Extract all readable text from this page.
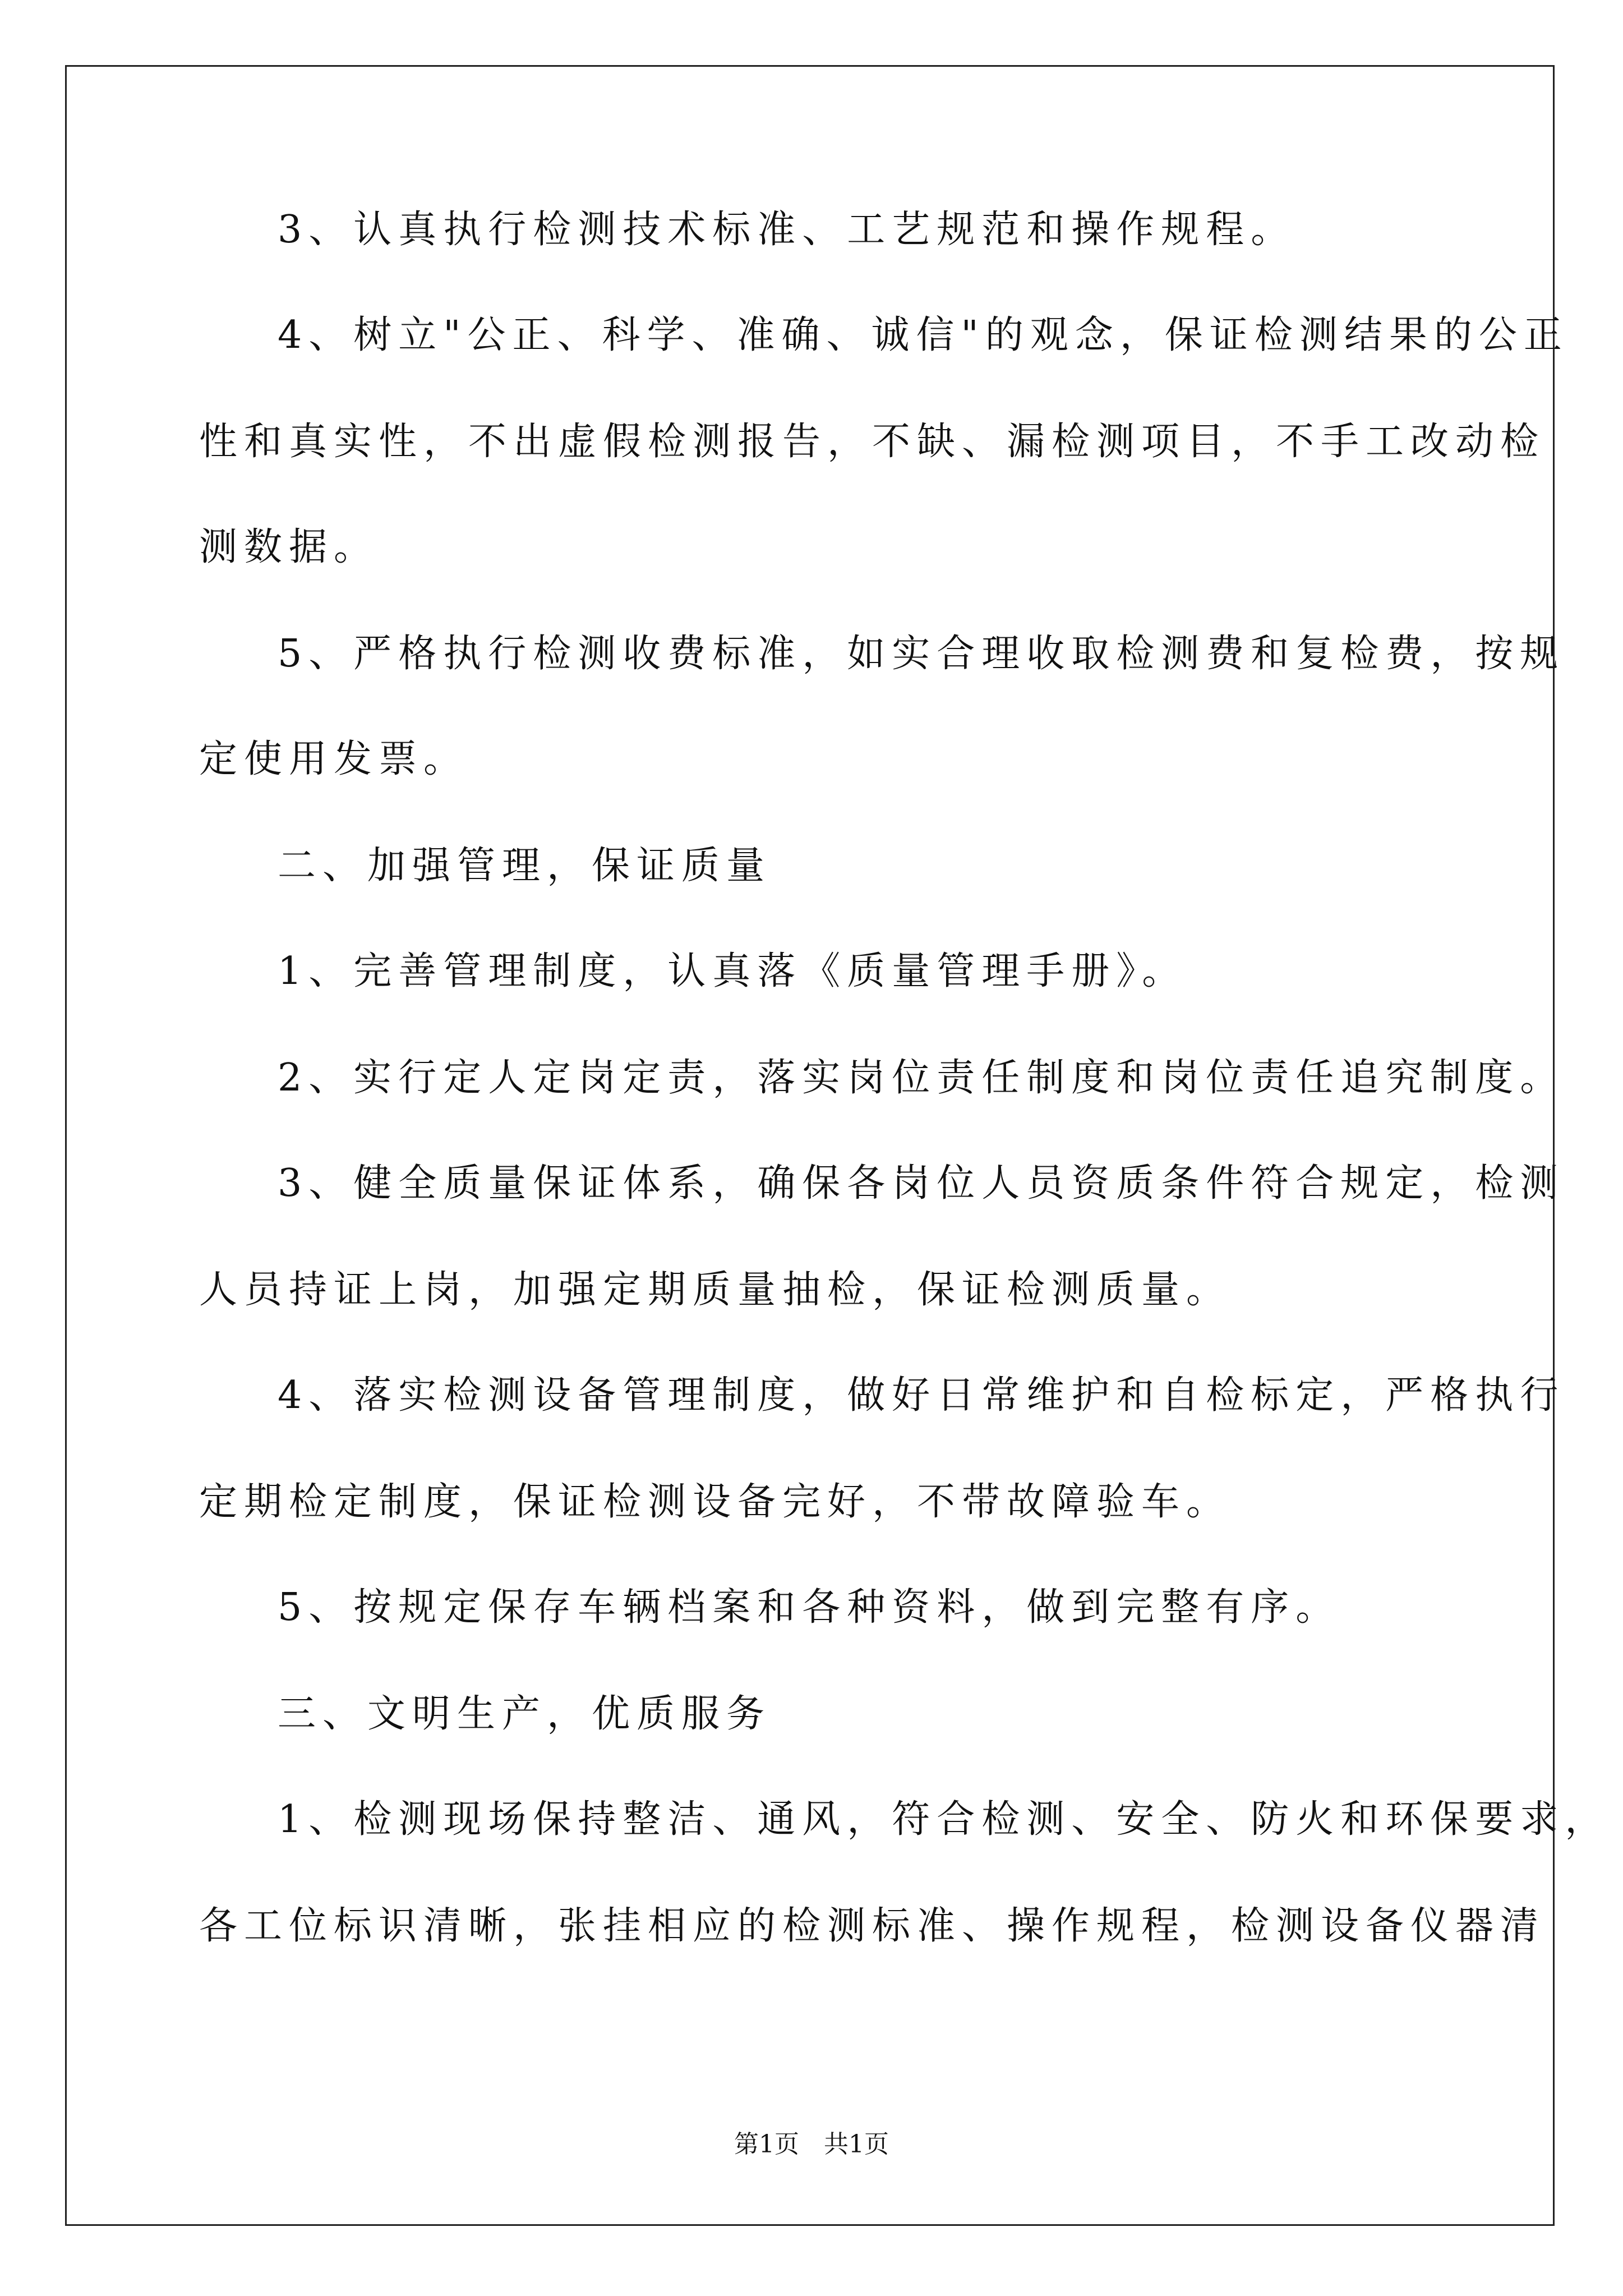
3、认真执行检测技术标准、工艺规范和操作规程。
4、树立"公正、科学、准确、诚信"的观念，保证检测结果的公正
性和真实性，不出虚假检测报告，不缺、漏检测项目，不手工改动检
测数据。
5、严格执行检测收费标准，如实合理收取检测费和复检费，按规
定使用发票。
二、加强管理，保证质量
1、完善管理制度，认真落《质量管理手册》。
2、实行定人定岗定责，落实岗位责任制度和岗位责任追究制度。
3、健全质量保证体系，确保各岗位人员资质条件符合规定，检测
人员持证上岗，加强定期质量抽检，保证检测质量。
4、落实检测设备管理制度，做好日常维护和自检标定，严格执行
定期检定制度，保证检测设备完好，不带故障验车。
5、按规定保存车辆档案和各种资料，做到完整有序。
三、文明生产，优质服务
1、检测现场保持整洁、通风，符合检测、安全、防火和环保要求，
各工位标识清晰，张挂相应的检测标准、操作规程，检测设备仪器清
第1页　共1页
